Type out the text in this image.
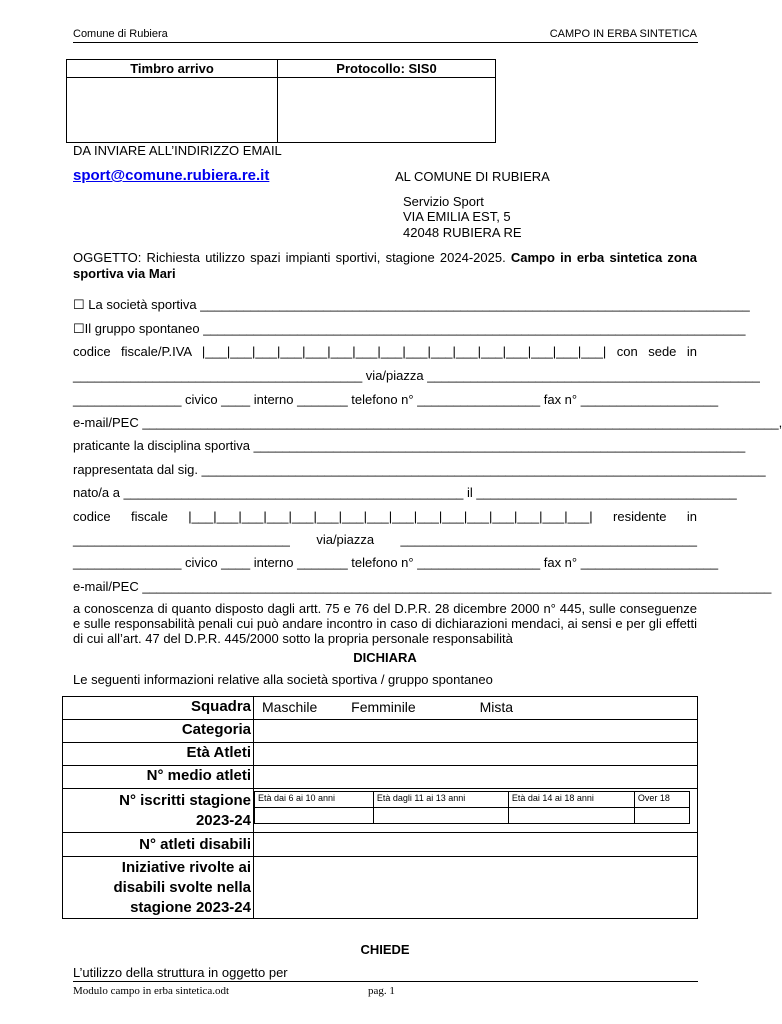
Comune di Rubiera	CAMPO IN ERBA SINTETICA
Timbro arrivo	Protocollo: SIS0

DA INVIARE ALL’INDIRIZZO EMAIL
sport@comune.rubiera.re.it	AL COMUNE DI RUBIERA
Servizio Sport
VIA EMILIA EST, 5
42048 RUBIERA RE
OGGETTO: Richiesta utilizzo spazi impianti sportivi, stagione 2024-2025. Campo in erba sintetica zona sportiva via Mari
☐ La società sportiva ____________________________________________________________________________
☐Il gruppo spontaneo ___________________________________________________________________________
codice fiscale/P.IVA |___|___|___|___|___|___|___|___|___|___|___|___|___|___|___|___| con sede in
________________________________________ via/piazza ______________________________________________
_______________ civico ____ interno _______ telefono n° _________________ fax n° ___________________
e-mail/PEC ________________________________________________________________________________________,
praticante la disciplina sportiva ____________________________________________________________________
rappresentata dal sig. ______________________________________________________________________________
nato/a a _______________________________________________ il ____________________________________
codice fiscale |___|___|___|___|___|___|___|___|___|___|___|___|___|___|___|___| residente in
______________________________ via/piazza _________________________________________
_______________ civico ____ interno _______ telefono n° _________________ fax n° ___________________
e-mail/PEC _______________________________________________________________________________________
a conoscenza di quanto disposto dagli artt. 75 e 76 del D.P.R. 28 dicembre 2000 n° 445, sulle conseguenze e sulle responsabilità penali cui può andare incontro in caso di dichiarazioni mendaci, ai sensi e per gli effetti di cui all’art. 47 del D.P.R. 445/2000 sotto la propria personale responsabilità
DICHIARA
Le seguenti informazioni relative alla società sportiva / gruppo spontaneo
Squadra	Maschile Femminile	Mista
Categoria	
Età Atleti	
N° medio atleti	

N° iscritti stagione
2023-24

Età dai 6 ai 10 anni	Età dagli 11 ai 13 anni	Età dai 14 ai 18 anni	Over 18

N° atleti disabili	

Iniziative rivolte ai
disabili svolte nella
stagione 2023-24

CHIEDE
L’utilizzo della struttura in oggetto per
Modulo campo in erba sintetica.odt	pag. 1
